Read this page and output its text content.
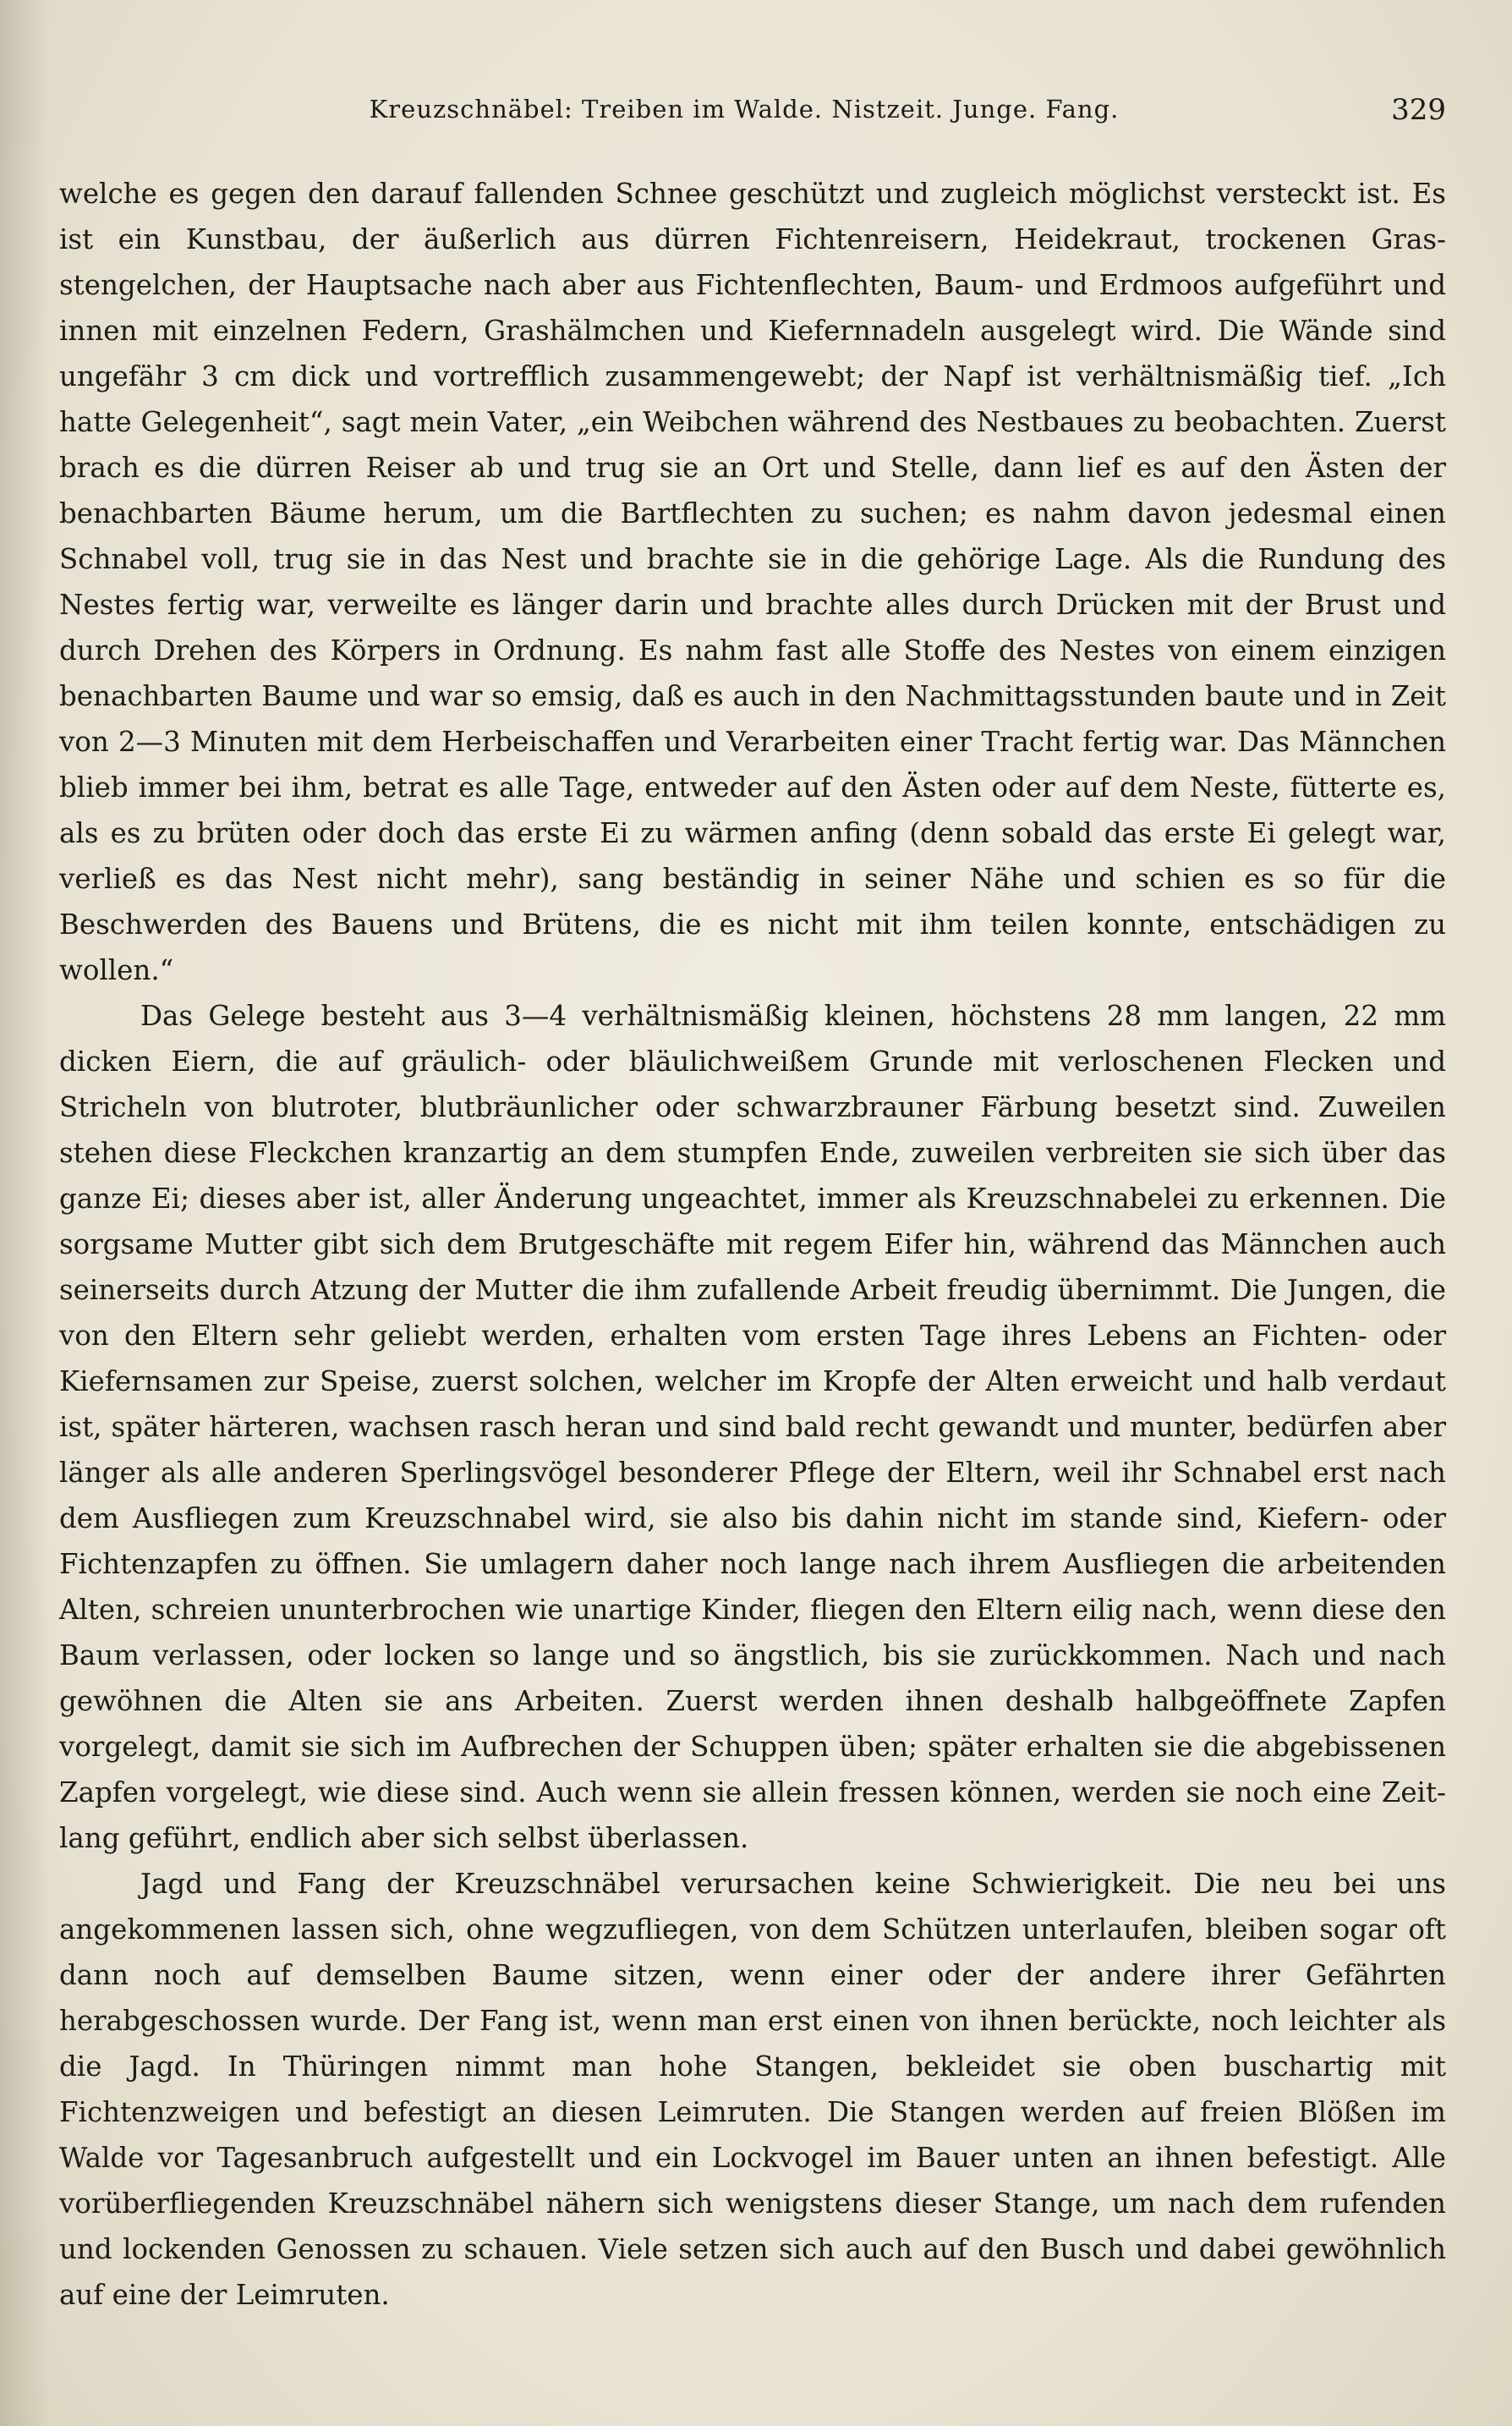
Kreuzschnäbel: Treiben im Walde. Nistzeit. Junge. Fang.	329

welche es gegen den darauf fallenden Schnee geschützt und zugleich möglichst versteckt ist. Es ist ein Kunstbau, der äußerlich aus dürren Fichtenreisern, Heidekraut, trockenen Grasstengelchen, der Hauptsache nach aber aus Fichtenflechten, Baum- und Erdmoos aufgeführt und innen mit einzelnen Federn, Grashälmchen und Kiefernnadeln ausgelegt wird. Die Wände sind ungefähr 3 cm dick und vortrefflich zusammengewebt; der Napf ist verhältnismäßig tief. „Ich hatte Gelegenheit“, sagt mein Vater, „ein Weibchen während des Nestbaues zu beobachten. Zuerst brach es die dürren Reiser ab und trug sie an Ort und Stelle, dann lief es auf den Ästen der benachbarten Bäume herum, um die Bartflechten zu suchen; es nahm davon jedesmal einen Schnabel voll, trug sie in das Nest und brachte sie in die gehörige Lage. Als die Rundung des Nestes fertig war, verweilte es länger darin und brachte alles durch Drücken mit der Brust und durch Drehen des Körpers in Ordnung. Es nahm fast alle Stoffe des Nestes von einem einzigen benachbarten Baume und war so emsig, daß es auch in den Nachmittagsstunden baute und in Zeit von 2—3 Minuten mit dem Herbeischaffen und Verarbeiten einer Tracht fertig war. Das Männchen blieb immer bei ihm, betrat es alle Tage, entweder auf den Ästen oder auf dem Neste, fütterte es, als es zu brüten oder doch das erste Ei zu wärmen anfing (denn sobald das erste Ei gelegt war, verließ es das Nest nicht mehr), sang beständig in seiner Nähe und schien es so für die Beschwerden des Bauens und Brütens, die es nicht mit ihm teilen konnte, entschädigen zu wollen.“

Das Gelege besteht aus 3—4 verhältnismäßig kleinen, höchstens 28 mm langen, 22 mm dicken Eiern, die auf gräulich- oder bläulichweißem Grunde mit verloschenen Flecken und Stricheln von blutroter, blutbräunlicher oder schwarzbrauner Färbung besetzt sind. Zuweilen stehen diese Fleckchen kranzartig an dem stumpfen Ende, zuweilen verbreiten sie sich über das ganze Ei; dieses aber ist, aller Änderung ungeachtet, immer als Kreuzschnabelei zu erkennen. Die sorgsame Mutter gibt sich dem Brutgeschäfte mit regem Eifer hin, während das Männchen auch seinerseits durch Atzung der Mutter die ihm zufallende Arbeit freudig übernimmt. Die Jungen, die von den Eltern sehr geliebt werden, erhalten vom ersten Tage ihres Lebens an Fichten- oder Kiefernsamen zur Speise, zuerst solchen, welcher im Kropfe der Alten erweicht und halb verdaut ist, später härteren, wachsen rasch heran und sind bald recht gewandt und munter, bedürfen aber länger als alle anderen Sperlingsvögel besonderer Pflege der Eltern, weil ihr Schnabel erst nach dem Ausfliegen zum Kreuzschnabel wird, sie also bis dahin nicht im stande sind, Kiefern- oder Fichtenzapfen zu öffnen. Sie umlagern daher noch lange nach ihrem Ausfliegen die arbeitenden Alten, schreien ununterbrochen wie unartige Kinder, fliegen den Eltern eilig nach, wenn diese den Baum verlassen, oder locken so lange und so ängstlich, bis sie zurückkommen. Nach und nach gewöhnen die Alten sie ans Arbeiten. Zuerst werden ihnen deshalb halbgeöffnete Zapfen vorgelegt, damit sie sich im Aufbrechen der Schuppen üben; später erhalten sie die abgebissenen Zapfen vorgelegt, wie diese sind. Auch wenn sie allein fressen können, werden sie noch eine Zeitlang geführt, endlich aber sich selbst überlassen.

Jagd und Fang der Kreuzschnäbel verursachen keine Schwierigkeit. Die neu bei uns angekommenen lassen sich, ohne wegzufliegen, von dem Schützen unterlaufen, bleiben sogar oft dann noch auf demselben Baume sitzen, wenn einer oder der andere ihrer Gefährten herabgeschossen wurde. Der Fang ist, wenn man erst einen von ihnen berückte, noch leichter als die Jagd. In Thüringen nimmt man hohe Stangen, bekleidet sie oben buschartig mit Fichtenzweigen und befestigt an diesen Leimruten. Die Stangen werden auf freien Blößen im Walde vor Tagesanbruch aufgestellt und ein Lockvogel im Bauer unten an ihnen befestigt. Alle vorüberfliegenden Kreuzschnäbel nähern sich wenigstens dieser Stange, um nach dem rufenden und lockenden Genossen zu schauen. Viele setzen sich auch auf den Busch und dabei gewöhnlich auf eine der Leimruten.
